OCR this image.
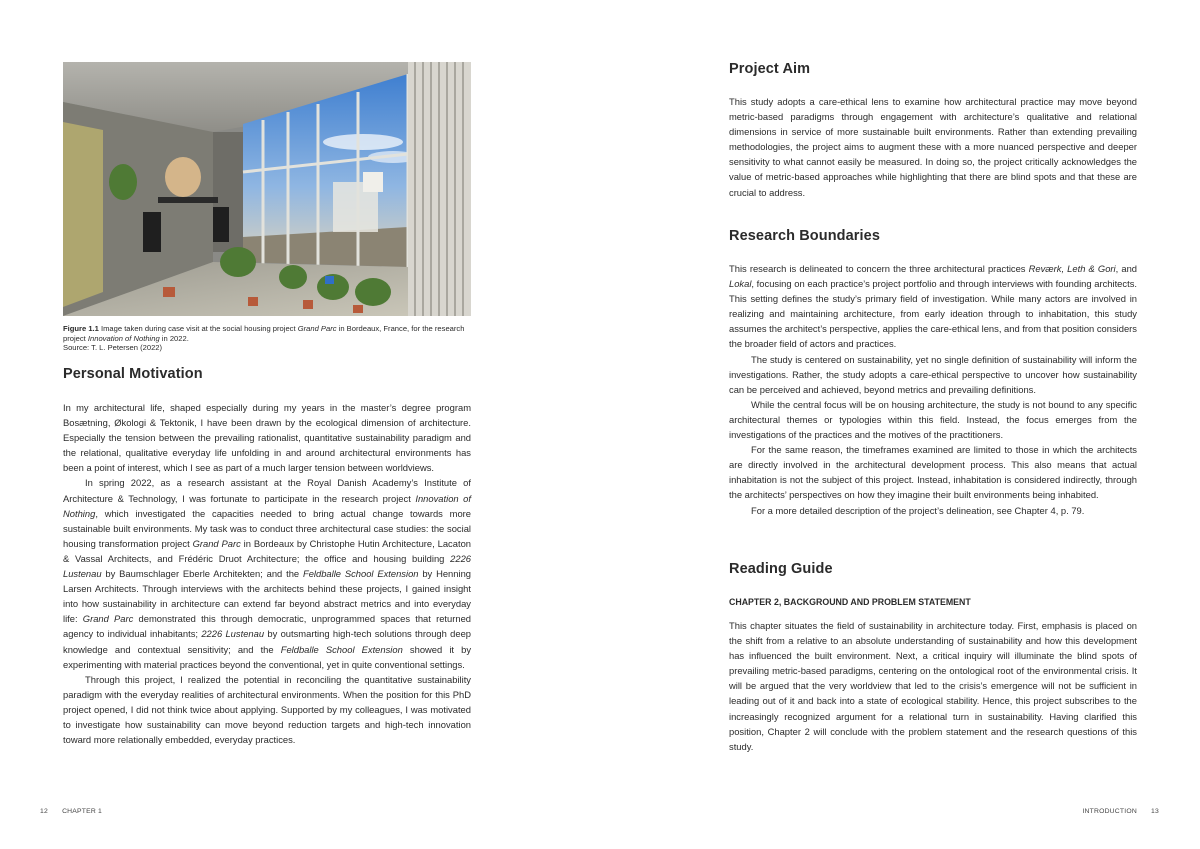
Figure 1.1 Image taken during case visit at the social housing project Grand Parc in Bordeaux, France, for the research project Innovation of Nothing in 2022.
Source: T. L. Petersen (2022)
Personal Motivation

In my architectural life, shaped especially during my years in the master’s degree program Bosætning, Økologi & Tektonik, I have been drawn by the ecological dimension of architecture. Especially the tension between the prevailing rationalist, quantitative sustainability paradigm and the relational, qualitative everyday life unfolding in and around architectural environments has been a point of interest, which I see as part of a much larger tension between worldviews.

In spring 2022, as a research assistant at the Royal Danish Academy’s Institute of Architecture & Technology, I was fortunate to participate in the research project Innovation of Nothing, which investigated the capacities needed to bring actual change towards more sustainable built environments. My task was to conduct three architectural case studies: the social housing transformation project Grand Parc in Bordeaux by Christophe Hutin Architecture, Lacaton & Vassal Architects, and Frédéric Druot Architecture; the office and housing building 2226 Lustenau by Baumschlager Eberle Architekten; and the Feldballe School Extension by Henning Larsen Architects. Through interviews with the architects behind these projects, I gained insight into how sustainability in architecture can extend far beyond abstract metrics and into everyday life: Grand Parc demonstrated this through democratic, unprogrammed spaces that returned agency to individual inhabitants; 2226 Lustenau by outsmarting high-tech solutions through deep knowledge and contextual sensitivity; and the Feldballe School Extension showed it by experimenting with material practices beyond the conventional, yet in quite conventional settings.

Through this project, I realized the potential in reconciling the quantitative sustainability paradigm with the everyday realities of architectural environments. When the position for this PhD project opened, I did not think twice about applying. Supported by my colleagues, I was motivated to investigate how sustainability can move beyond reduction targets and high-tech innovation toward more relationally embedded, everyday practices.

12 CHAPTER 1
Project Aim

This study adopts a care-ethical lens to examine how architectural practice may move beyond metric-based paradigms through engagement with architecture’s qualitative and relational dimensions in service of more sustainable built environments. Rather than extending prevailing methodologies, the project aims to augment these with a more nuanced perspective and deeper sensitivity to what cannot easily be measured. In doing so, the project critically acknowledges the value of metric-based approaches while highlighting that there are blind spots and that these are crucial to address.

Research Boundaries

This research is delineated to concern the three architectural practices Reværk, Leth & Gori, and Lokal, focusing on each practice’s project portfolio and through interviews with founding architects. This setting defines the study’s primary field of investigation. While many actors are involved in realizing and maintaining architecture, from early ideation through to inhabitation, this study assumes the architect’s perspective, applies the care-ethical lens, and from that position considers the broader field of actors and practices.

The study is centered on sustainability, yet no single definition of sustainability will inform the investigations. Rather, the study adopts a care-ethical perspective to uncover how sustainability can be perceived and achieved, beyond metrics and prevailing definitions.

While the central focus will be on housing architecture, the study is not bound to any specific architectural themes or typologies within this field. Instead, the focus emerges from the investigations of the practices and the motives of the practitioners.

For the same reason, the timeframes examined are limited to those in which the architects are directly involved in the architectural development process. This also means that actual inhabitation is not the subject of this project. Instead, inhabitation is considered indirectly, through the architects’ perspectives on how they imagine their built environments being inhabited.

For a more detailed description of the project’s delineation, see Chapter 4, p. 79.

Reading Guide
CHAPTER 2, BACKGROUND AND PROBLEM STATEMENT

This chapter situates the field of sustainability in architecture today. First, emphasis is placed on the shift from a relative to an absolute understanding of sustainability and how this development has influenced the built environment. Next, a critical inquiry will illuminate the blind spots of prevailing metric-based paradigms, centering on the ontological root of the environmental crisis. It will be argued that the very worldview that led to the crisis’s emergence will not be sufficient in leading out of it and back into a state of ecological stability. Hence, this project subscribes to the increasingly recognized argument for a relational turn in sustainability. Having clarified this position, Chapter 2 will conclude with the problem statement and the research questions of this study.

INTRODUCTION 13
